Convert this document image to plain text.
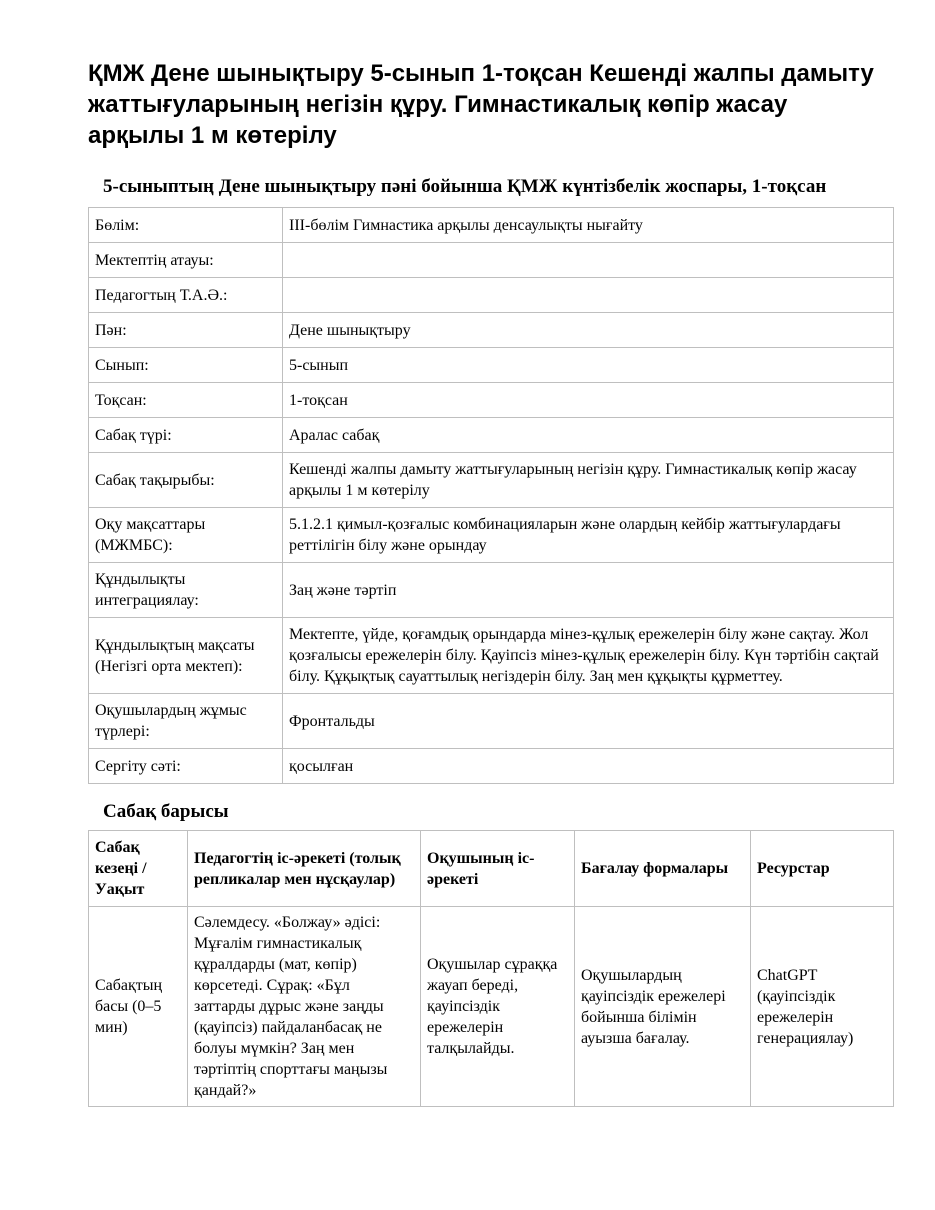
ҚМЖ Дене шынықтыру 5-сынып 1-тоқсан Кешенді жалпы дамыту жаттығуларының негізін құру. Гимнастикалық көпір жасау арқылы 1 м көтерілу
5-сыныптың Дене шынықтыру пәні бойынша ҚМЖ күнтізбелік жоспары, 1-тоқсан
Бөлім:	ІІІ-бөлім Гимнастика арқылы денсаулықты нығайту
Мектептің атауы:	
Педагогтың Т.А.Ә.:	
Пән:	Дене шынықтыру
Сынып:	5-сынып
Тоқсан:	1-тоқсан
Сабақ түрі:	Аралас сабақ
Сабақ тақырыбы:	Кешенді жалпы дамыту жаттығуларының негізін құру. Гимнастикалық көпір жасау арқылы 1 м көтерілу
Оқу мақсаттары (МЖМБС):	5.1.2.1 қимыл-қозғалыс комбинацияларын және олардың кейбір жаттығулардағы реттілігін білу және орындау
Құндылықты интеграциялау:	Заң және тәртіп
Құндылықтың мақсаты (Негізгі орта мектеп):	Мектепте, үйде, қоғамдық орындарда мінез-құлық ережелерін білу және сақтау. Жол қозғалысы ережелерін білу. Қауіпсіз мінез-құлық ережелерін білу. Күн тәртібін сақтай білу. Құқықтық сауаттылық негіздерін білу. Заң мен құқықты құрметтеу.
Оқушылардың жұмыс түрлері:	Фронтальды
Сергіту сәті:	қосылған
Сабақ барысы
Сабақ кезеңі / Уақыт	Педагогтің іс-әрекеті (толық репликалар мен нұсқаулар)	Оқушының іс-әрекеті	Бағалау формалары	Ресурстар
Сабақтың басы (0–5 мин)	Сәлемдесу. «Болжау» әдісі: Мұғалім гимнастикалық құралдарды (мат, көпір) көрсетеді. Сұрақ: «Бұл заттарды дұрыс және заңды (қауіпсіз) пайдаланбасақ не болуы мүмкін? Заң мен тәртіптің спорттағы маңызы қандай?»	Оқушылар сұраққа жауап береді, қауіпсіздік ережелерін талқылайды.	Оқушылардың қауіпсіздік ережелері бойынша білімін ауызша бағалау.	ChatGPT (қауіпсіздік ережелерін генерациялау)
